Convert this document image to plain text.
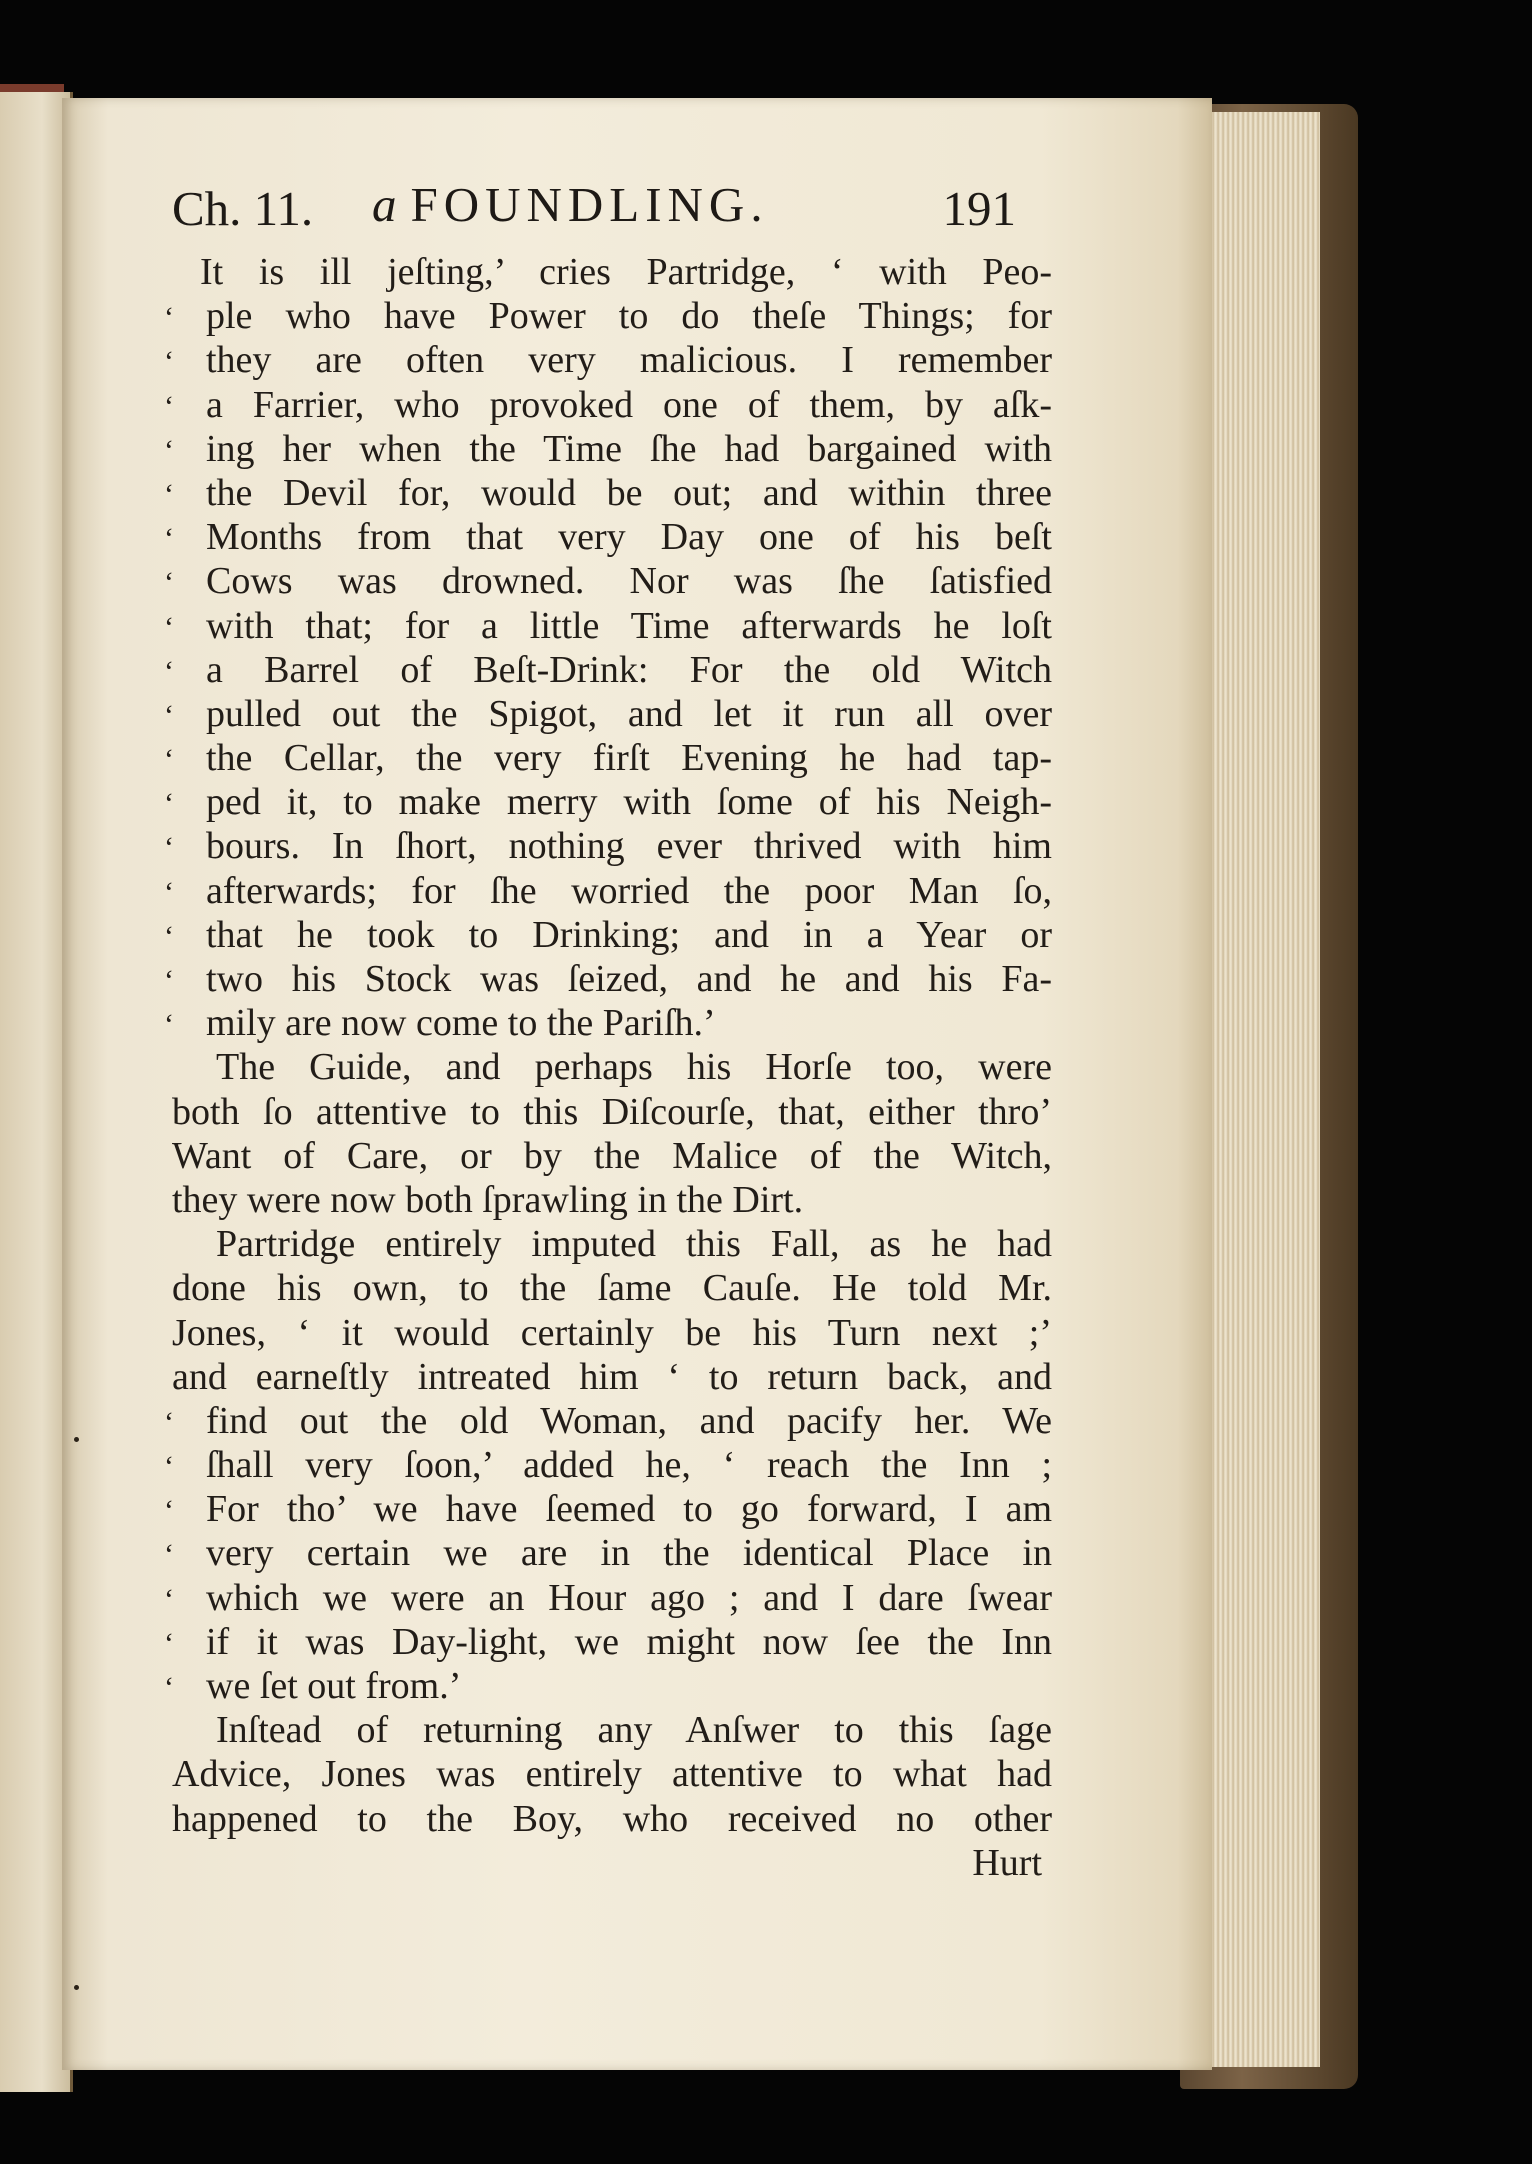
Ch. 11. a FOUNDLING.	191
It is ill jeſting,’ cries Partridge, ‘ with Peo-
‘ ple who have Power to do theſe Things; for
‘ they are often very malicious. I remember
‘ a Farrier, who provoked one of them, by aſk-
‘ ing her when the Time ſhe had bargained with
‘ the Devil for, would be out; and within three
‘ Months from that very Day one of his beſt
‘ Cows was drowned. Nor was ſhe ſatisfied
‘ with that; for a little Time afterwards he loſt
‘ a Barrel of Beſt-Drink: For the old Witch
‘ pulled out the Spigot, and let it run all over
‘ the Cellar, the very firſt Evening he had tap-
‘ ped it, to make merry with ſome of his Neigh-
‘ bours. In ſhort, nothing ever thrived with him
‘ afterwards; for ſhe worried the poor Man ſo,
‘ that he took to Drinking; and in a Year or
‘ two his Stock was ſeized, and he and his Fa-
‘ mily are now come to the Pariſh.’
The Guide, and perhaps his Horſe too, were
both ſo attentive to this Diſcourſe, that, either thro’
Want of Care, or by the Malice of the Witch,
they were now both ſprawling in the Dirt.
Partridge entirely imputed this Fall, as he had
done his own, to the ſame Cauſe. He told Mr.
Jones, ‘ it would certainly be his Turn next ;’
and earneſtly intreated him ‘ to return back, and
‘ find out the old Woman, and pacify her. We
‘ ſhall very ſoon,’ added he, ‘ reach the Inn ;
‘ For tho’ we have ſeemed to go forward, I am
‘ very certain we are in the identical Place in
‘ which we were an Hour ago ; and I dare ſwear
‘ if it was Day-light, we might now ſee the Inn
‘ we ſet out from.’
Inſtead of returning any Anſwer to this ſage
Advice, Jones was entirely attentive to what had
happened to the Boy, who received no other
Hurt
